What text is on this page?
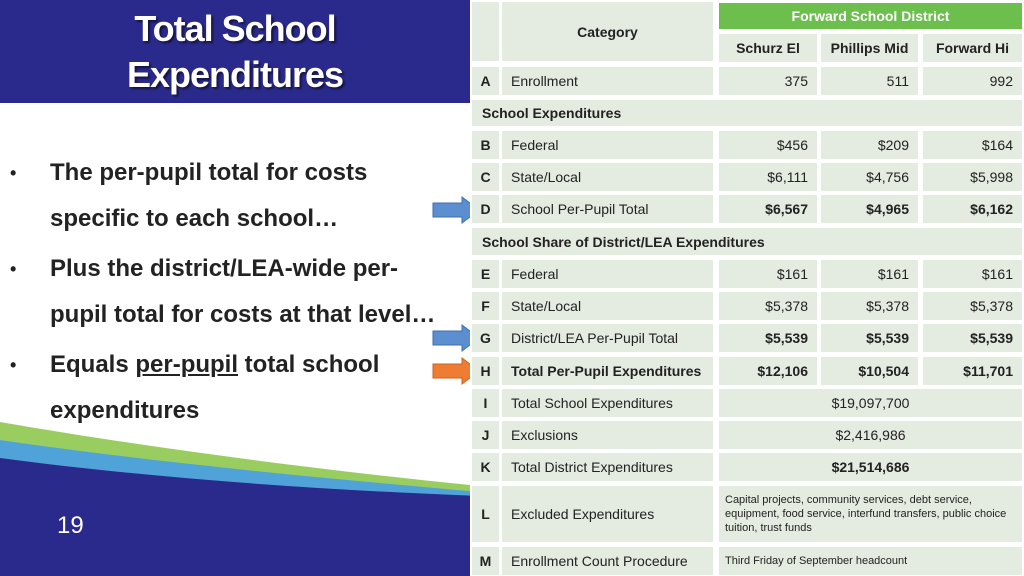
Total School
Expenditures
• The per-pupil total for costs specific to each school…
• Plus the district/LEA-wide per-pupil total for costs at that level…
• Equals per-pupil total school expenditures
19
Category
Forward School District
Schurz El	Phillips Mid	Forward Hi
A	Enrollment	375	511	992
School Expenditures
B	Federal	$456	$209	$164
C	State/Local	$6,111	$4,756	$5,998
D	School Per-Pupil Total	$6,567	$4,965	$6,162
School Share of District/LEA Expenditures
E	Federal	$161	$161	$161
F	State/Local	$5,378	$5,378	$5,378
G	District/LEA Per-Pupil Total	$5,539	$5,539	$5,539
H	Total Per-Pupil Expenditures	$12,106	$10,504	$11,701
I	Total School Expenditures	$19,097,700
J	Exclusions	$2,416,986
K	Total District Expenditures	$21,514,686
L	Excluded Expenditures
Capital projects, community services, debt service, equipment, food service, interfund transfers, public choice tuition, trust funds
M	Enrollment Count Procedure	Third Friday of September headcount
